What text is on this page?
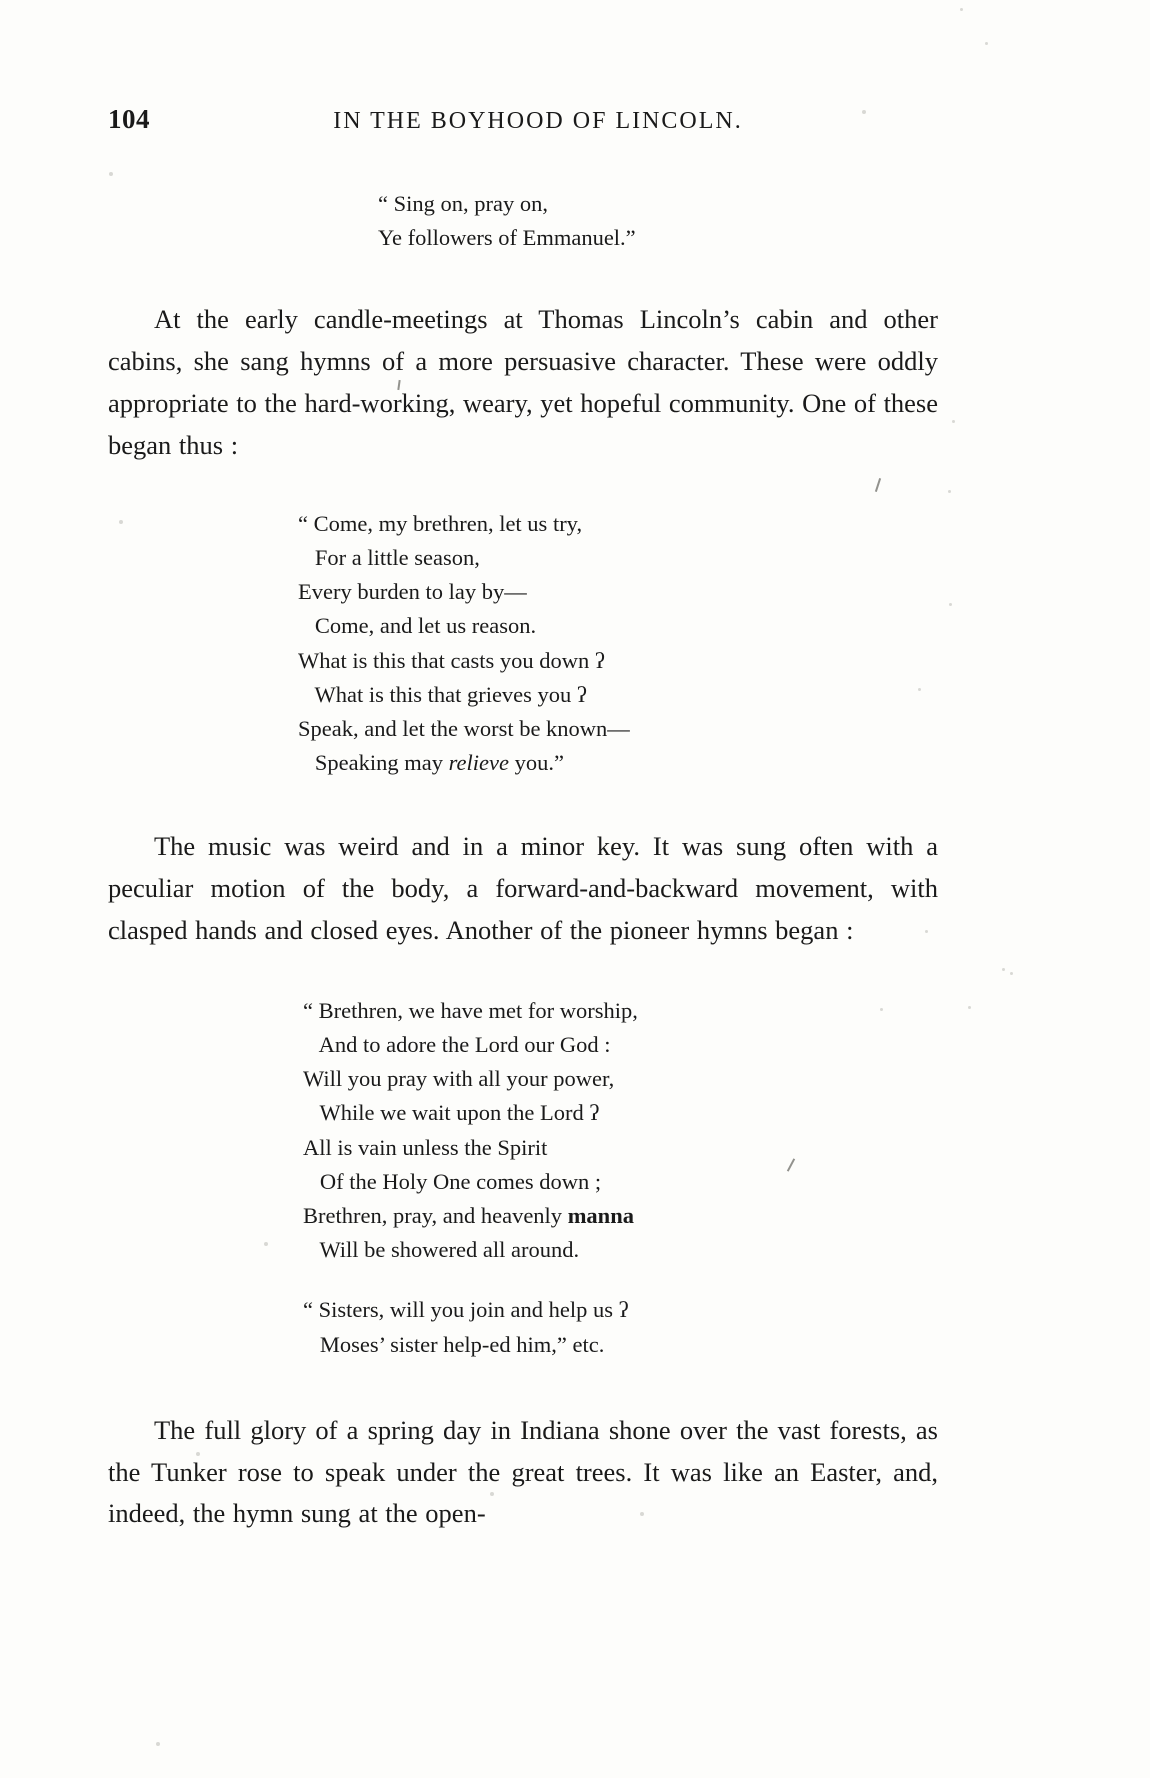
104	IN THE BOYHOOD OF LINCOLN.
“ Sing on, pray on,
Ye followers of Emmanuel.”

At the early candle-meetings at Thomas Lincoln’s cabin and other cabins, she sang hymns of a more persuasive character. These were oddly appropriate to the hard-working, weary, yet hopeful community. One of these began thus :

“ Come, my brethren, let us try,
For a little season,
Every burden to lay by—
Come, and let us reason.
What is this that casts you down ʔ
What is this that grieves you ʔ
Speak, and let the worst be known—
Speaking may relieve you.”

The music was weird and in a minor key. It was sung often with a peculiar motion of the body, a forward-and-backward movement, with clasped hands and closed eyes. Another of the pioneer hymns began :

“ Brethren, we have met for worship,
And to adore the Lord our God :
Will you pray with all your power,
While we wait upon the Lord ʔ
All is vain unless the Spirit
Of the Holy One comes down ;
Brethren, pray, and heavenly manna
Will be showered all around.
“ Sisters, will you join and help us ʔ
Moses’ sister help-ed him,” etc.

The full glory of a spring day in Indiana shone over the vast forests, as the Tunker rose to speak under the great trees. It was like an Easter, and, indeed, the hymn sung at the open-
